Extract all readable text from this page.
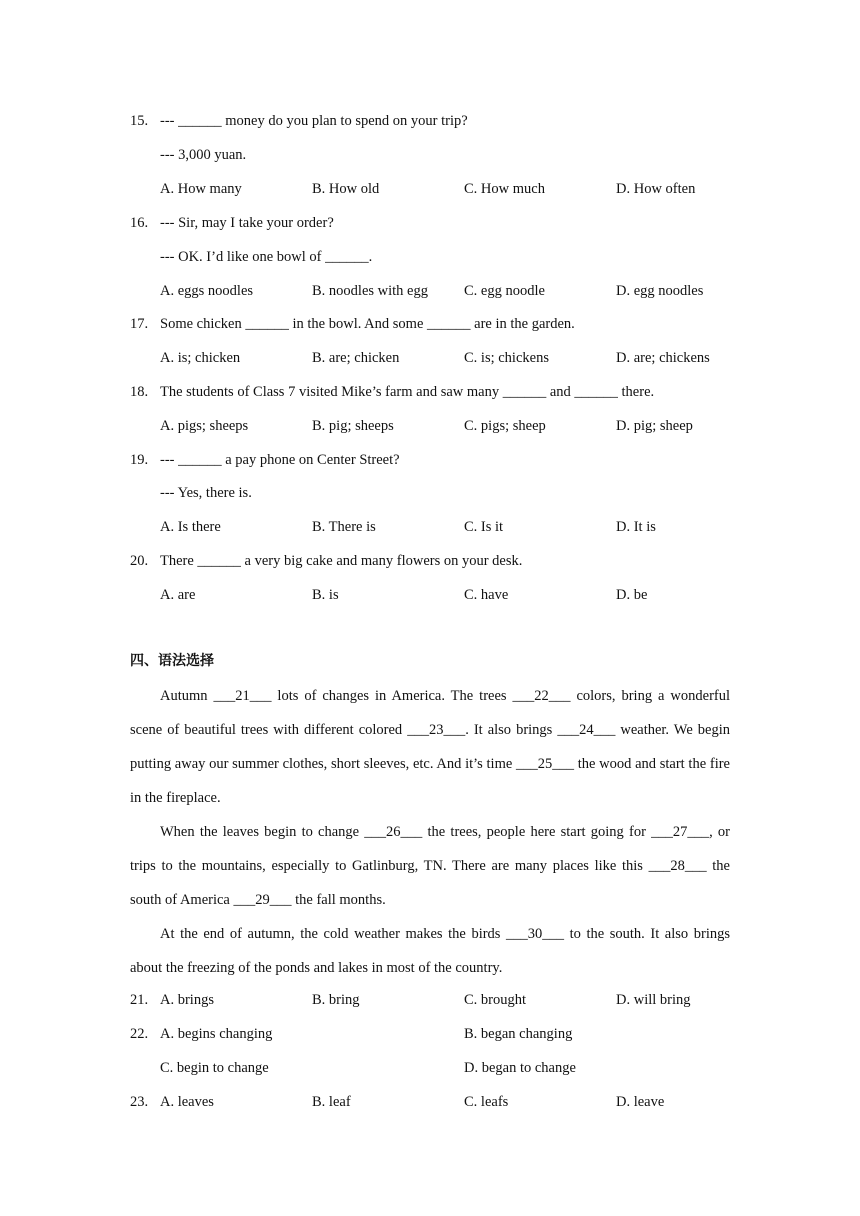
15. --- ______ money do you plan to spend on your trip?
--- 3,000 yuan.
A. How many	B. How old	C. How much	D. How often
16. --- Sir, may I take your order?
--- OK. I’d like one bowl of ______.
A. eggs noodles	B. noodles with egg C. egg noodle	D. egg noodles
17. Some chicken ______ in the bowl. And some ______ are in the garden.
A. is; chicken	B. are; chicken	C. is; chickens	D. are; chickens
18. The students of Class 7 visited Mike’s farm and saw many ______ and ______ there.
A. pigs; sheeps	B. pig; sheeps	C. pigs; sheep	D. pig; sheep
19. --- ______ a pay phone on Center Street?
--- Yes, there is.
A. Is there	B. There is	C. Is it	D. It is
20. There ______ a very big cake and many flowers on your desk.
A. are	B. is	C. have	D. be
四、语法选择

Autumn ___21___ lots of changes in America. The trees ___22___ colors, bring a wonderful scene of beautiful trees with different colored ___23___. It also brings ___24___ weather. We begin putting away our summer clothes, short sleeves, etc. And it’s time ___25___ the wood and start the fire in the fireplace.

When the leaves begin to change ___26___ the trees, people here start going for ___27___, or trips to the mountains, especially to Gatlinburg, TN. There are many places like this ___28___ the south of America ___29___ the fall months.

At the end of autumn, the cold weather makes the birds ___30___ to the south. It also brings about the freezing of the ponds and lakes in most of the country.

21. A. brings	B. bring	C. brought	D. will bring
22. A. begins changing	B. began changing
C. begin to change	D. began to change
23. A. leaves	B. leaf	C. leafs	D. leave
